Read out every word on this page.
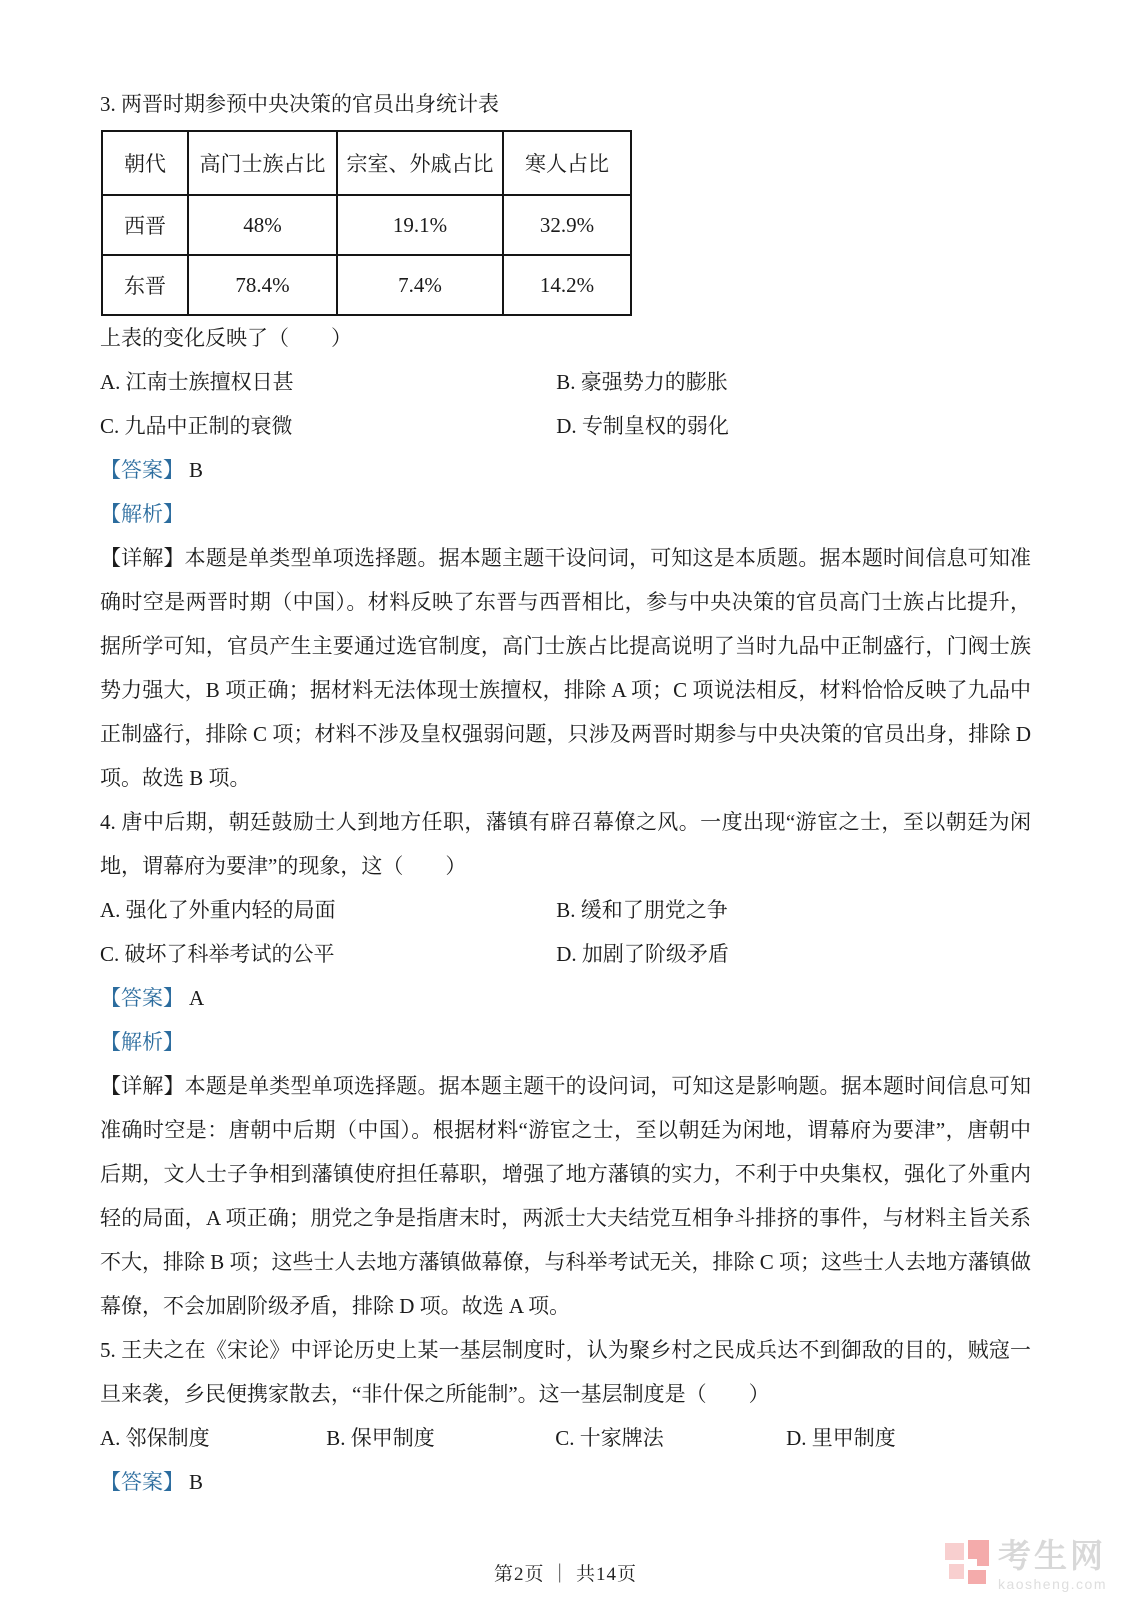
3. 两晋时期参预中央决策的官员出身统计表
朝代	高门士族占比	宗室、外戚占比	寒人占比
西晋	48%	19.1%	32.9%
东晋	78.4%	7.4%	14.2%
上表的变化反映了（　　）
A. 江南士族擅权日甚	B. 豪强势力的膨胀
C. 九品中正制的衰微	D. 专制皇权的弱化
【答案】 B
【解析】

【详解】本题是单类型单项选择题。据本题主题干设问词，可知这是本质题。据本题时间信息可知准确时空是两晋时期（中国）。材料反映了东晋与西晋相比，参与中央决策的官员高门士族占比提升，据所学可知，官员产生主要通过选官制度，高门士族占比提高说明了当时九品中正制盛行，门阀士族势力强大，B 项正确；据材料无法体现士族擅权，排除 A 项；C 项说法相反，材料恰恰反映了九品中正制盛行，排除 C 项；材料不涉及皇权强弱问题，只涉及两晋时期参与中央决策的官员出身，排除 D 项。故选 B 项。

4. 唐中后期，朝廷鼓励士人到地方任职，藩镇有辟召幕僚之风。一度出现“游宦之士，至以朝廷为闲地，谓幕府为要津”的现象，这（　　）

A. 强化了外重内轻的局面	B. 缓和了朋党之争
C. 破坏了科举考试的公平	D. 加剧了阶级矛盾
【答案】 A
【解析】

【详解】本题是单类型单项选择题。据本题主题干的设问词，可知这是影响题。据本题时间信息可知准确时空是：唐朝中后期（中国）。根据材料“游宦之士，至以朝廷为闲地，谓幕府为要津”，唐朝中后期，文人士子争相到藩镇使府担任幕职，增强了地方藩镇的实力，不利于中央集权，强化了外重内轻的局面，A 项正确；朋党之争是指唐末时，两派士大夫结党互相争斗排挤的事件，与材料主旨关系不大，排除 B 项；这些士人去地方藩镇做幕僚，与科举考试无关，排除 C 项；这些士人去地方藩镇做幕僚，不会加剧阶级矛盾，排除 D 项。故选 A 项。

5. 王夫之在《宋论》中评论历史上某一基层制度时，认为聚乡村之民成兵达不到御敌的目的，贼寇一旦来袭，乡民便携家散去，“非什保之所能制”。这一基层制度是（　　）

A. 邻保制度	B. 保甲制度	C. 十家牌法	D. 里甲制度
【答案】 B
第2页 ｜ 共14页	考生网
kaosheng.com
